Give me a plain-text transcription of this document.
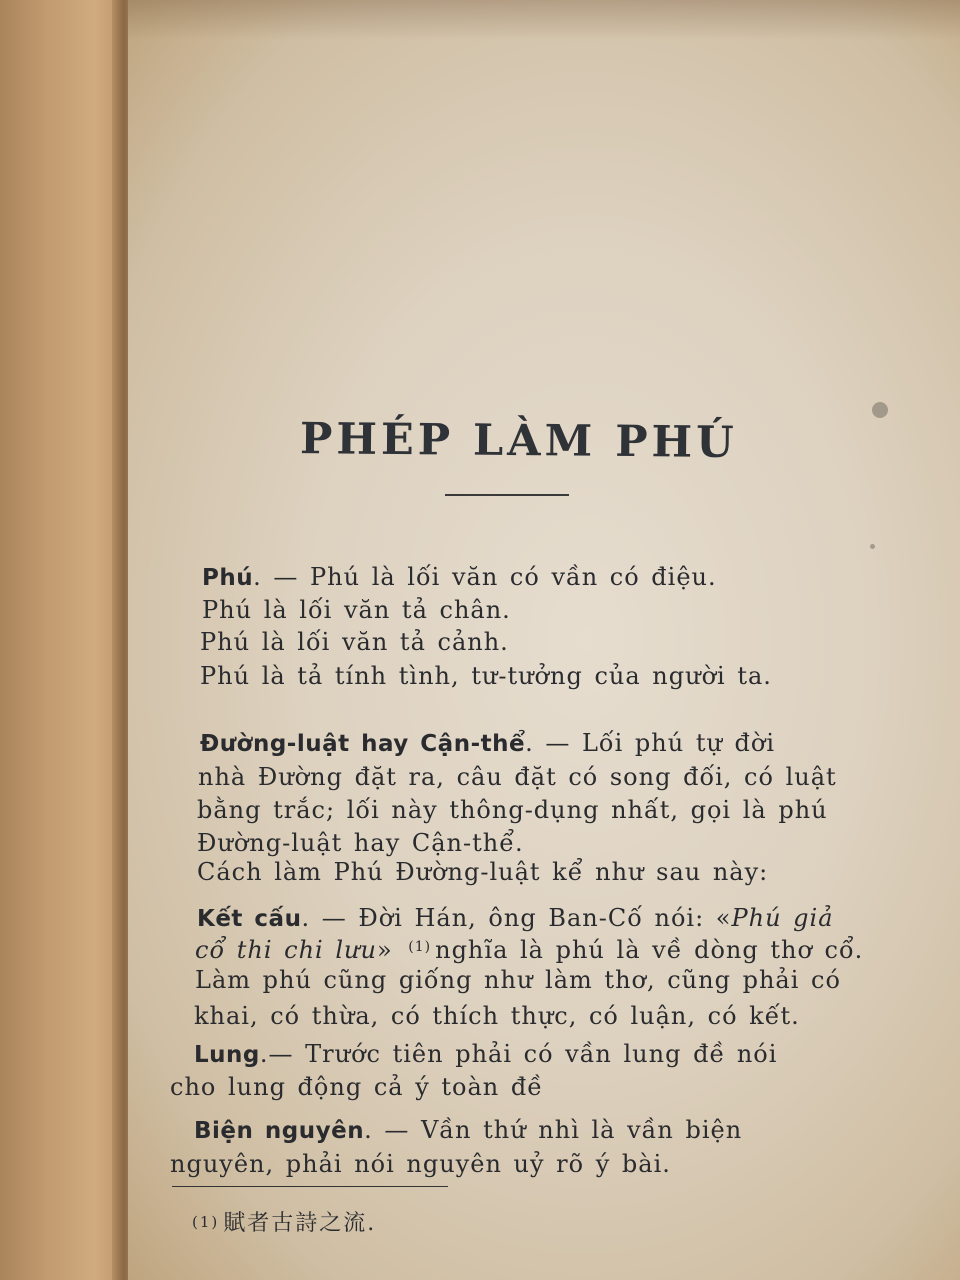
PHÉP LÀM PHÚ
Phú. — Phú là lối văn có vần có điệu.
Phú là lối văn tả chân.
Phú là lối văn tả cảnh.
Phú là tả tính tình, tư-tưởng của người ta.
Đường-luật hay Cận-thể. — Lối phú tự đời
nhà Đường đặt ra, câu đặt có song đối, có luật
bằng trắc; lối này thông-dụng nhất, gọi là phú
Đường-luật hay Cận-thể.
Cách làm Phú Đường-luật kể như sau này:
Kết cấu. — Đời Hán, ông Ban-Cố nói: «Phú giả
cổ thi chi lưu» $^{(1)}$ nghĩa là phú là về dòng thơ cổ.
Làm phú cũng giống như làm thơ, cũng phải có
khai, có thừa, có thích thực, có luận, có kết.
Lung.— Trước tiên phải có vần lung đề nói
cho lung động cả ý toàn đề
Biện nguyên. — Vần thứ nhì là vần biện
nguyên, phải nói nguyên uỷ rõ ý bài.
(1) 賦者古詩之流.
